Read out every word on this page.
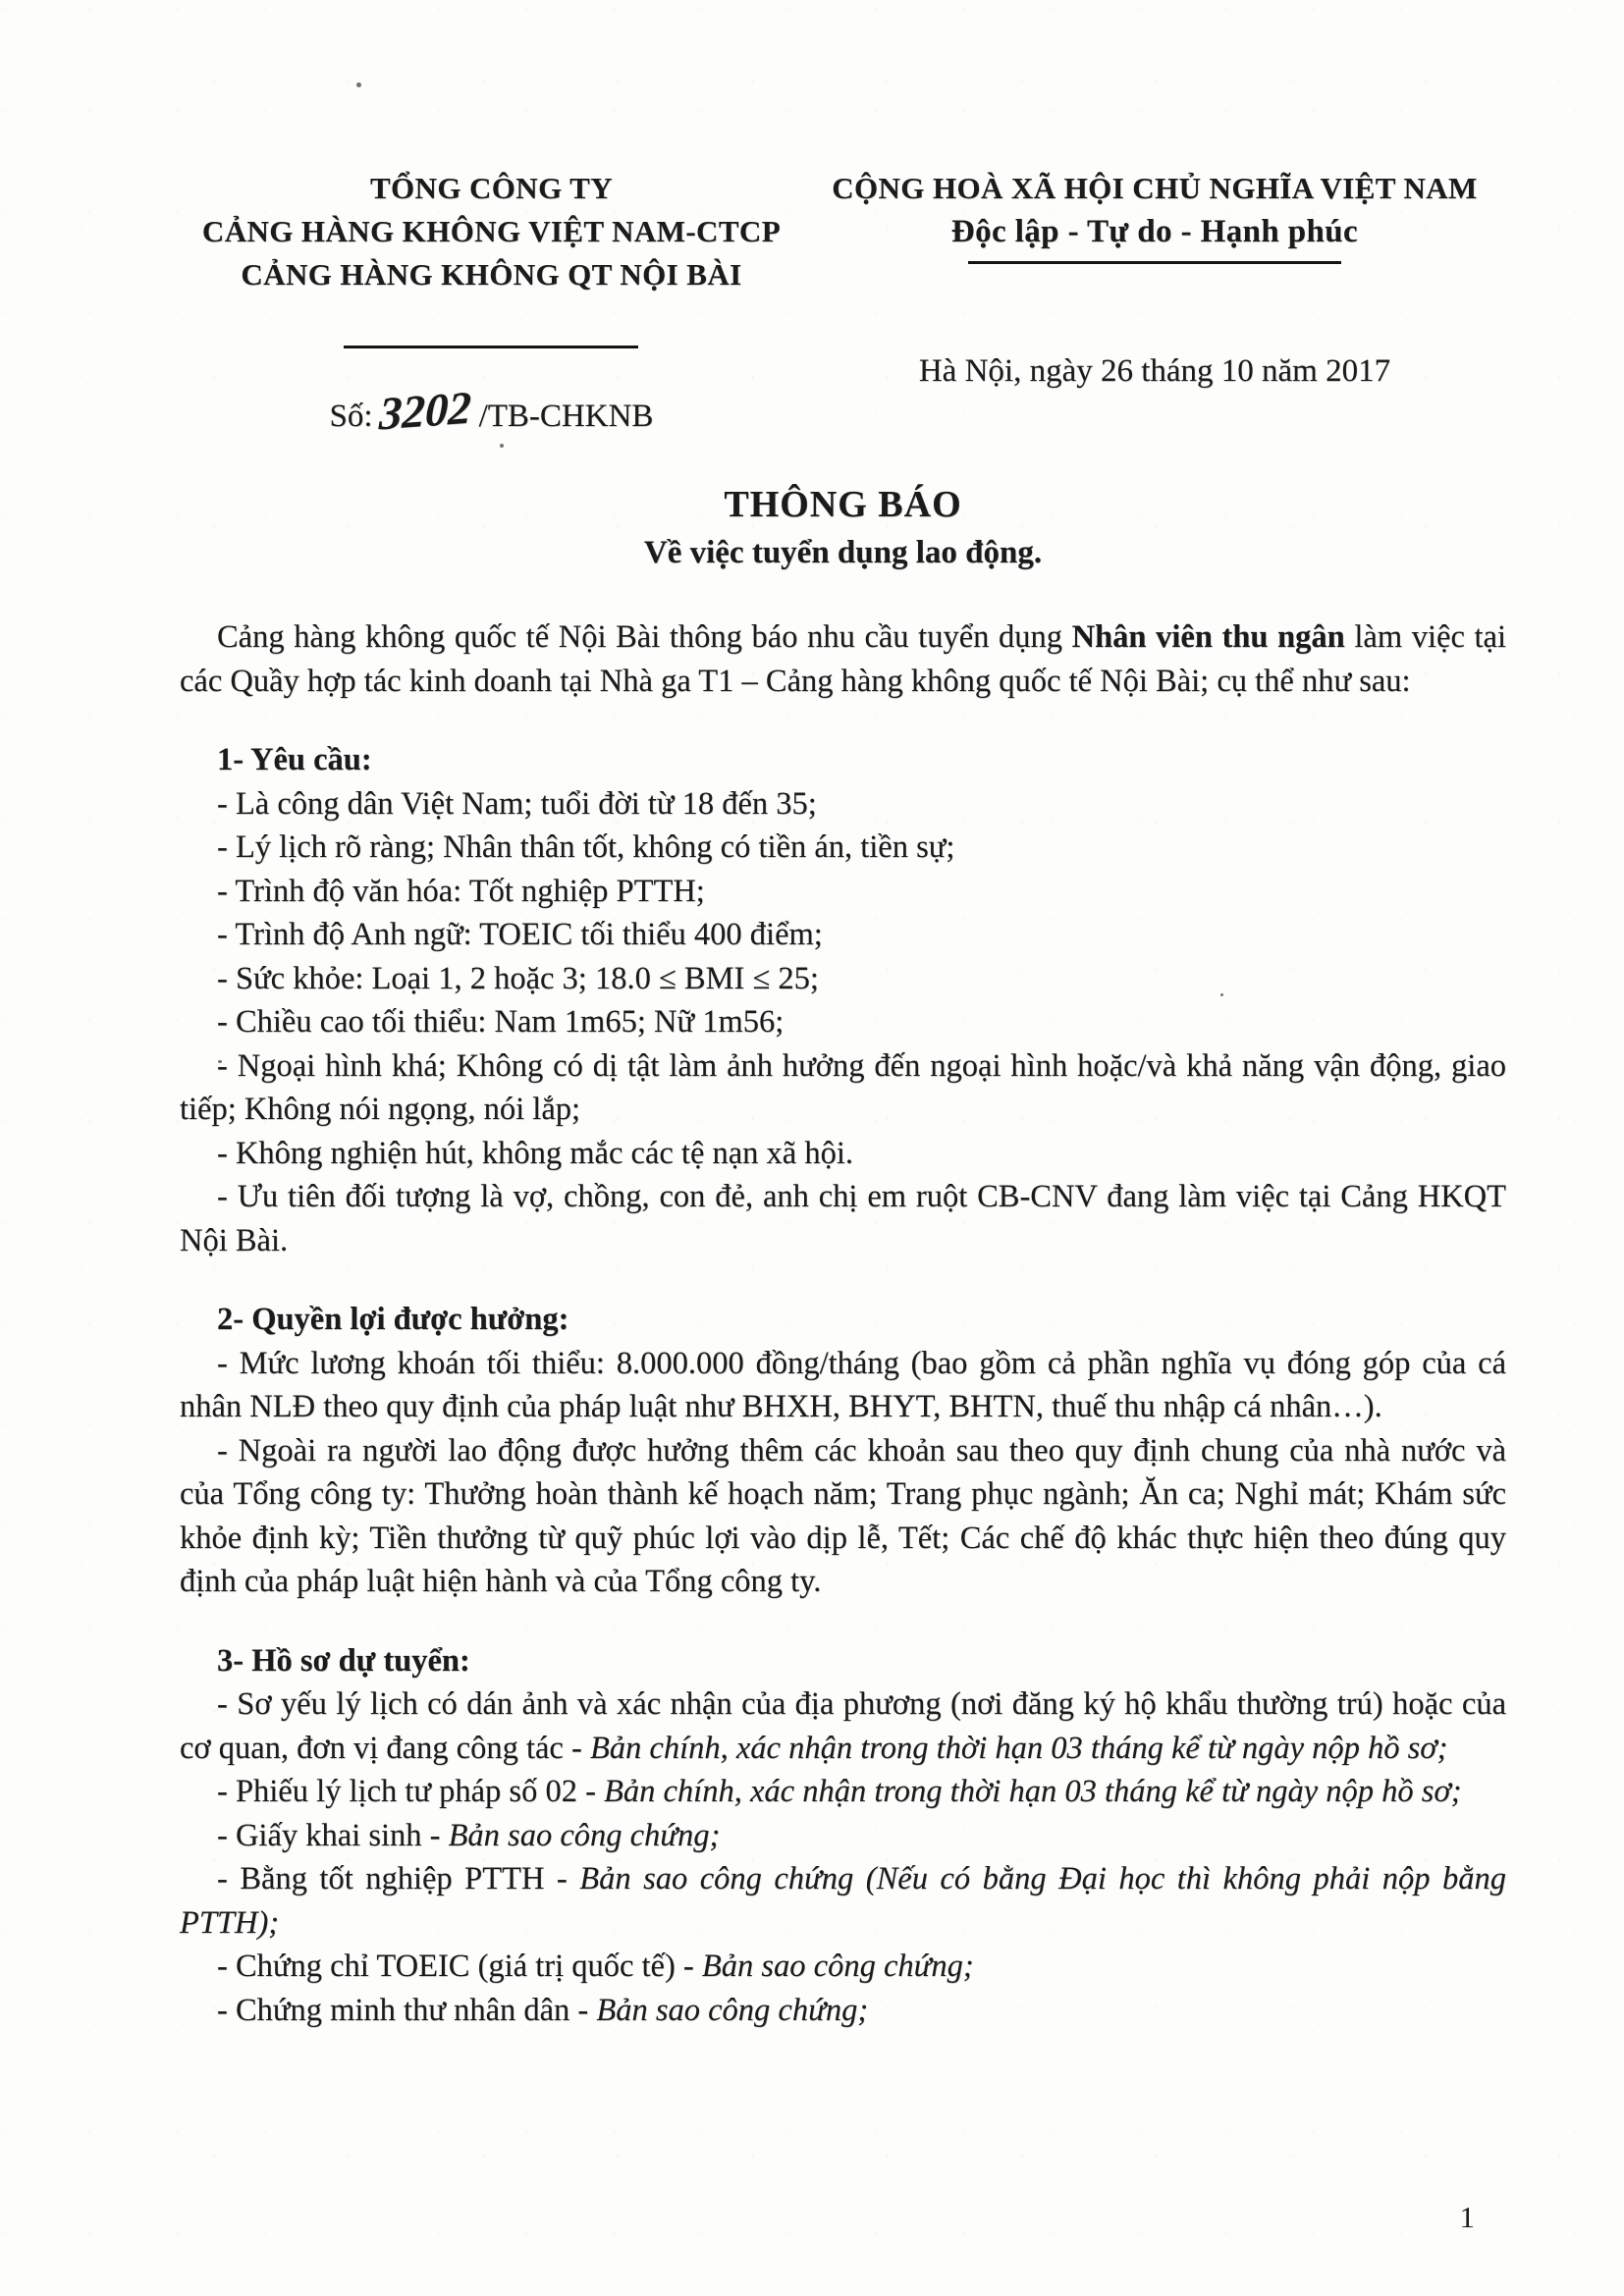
TỔNG CÔNG TY
CẢNG HÀNG KHÔNG VIỆT NAM-CTCP
CẢNG HÀNG KHÔNG QT NỘI BÀI
Số: 3202 /TB-CHKNB
CỘNG HOÀ XÃ HỘI CHỦ NGHĨA VIỆT NAM
Độc lập - Tự do - Hạnh phúc
Hà Nội, ngày 26 tháng 10 năm 2017
THÔNG BÁO
Về việc tuyển dụng lao động.

Cảng hàng không quốc tế Nội Bài thông báo nhu cầu tuyển dụng Nhân viên thu ngân làm việc tại các Quầy hợp tác kinh doanh tại Nhà ga T1 – Cảng hàng không quốc tế Nội Bài; cụ thể như sau:

1- Yêu cầu:

- Là công dân Việt Nam; tuổi đời từ 18 đến 35;

- Lý lịch rõ ràng; Nhân thân tốt, không có tiền án, tiền sự;

- Trình độ văn hóa: Tốt nghiệp PTTH;

- Trình độ Anh ngữ: TOEIC tối thiểu 400 điểm;

- Sức khỏe: Loại 1, 2 hoặc 3; 18.0 ≤ BMI ≤ 25;

- Chiều cao tối thiểu: Nam 1m65; Nữ 1m56;

- Ngoại hình khá; Không có dị tật làm ảnh hưởng đến ngoại hình hoặc/và khả năng vận động, giao tiếp; Không nói ngọng, nói lắp;

- Không nghiện hút, không mắc các tệ nạn xã hội.

- Ưu tiên đối tượng là vợ, chồng, con đẻ, anh chị em ruột CB-CNV đang làm việc tại Cảng HKQT Nội Bài.

2- Quyền lợi được hưởng:

- Mức lương khoán tối thiểu: 8.000.000 đồng/tháng (bao gồm cả phần nghĩa vụ đóng góp của cá nhân NLĐ theo quy định của pháp luật như BHXH, BHYT, BHTN, thuế thu nhập cá nhân…).

- Ngoài ra người lao động được hưởng thêm các khoản sau theo quy định chung của nhà nước và của Tổng công ty: Thưởng hoàn thành kế hoạch năm; Trang phục ngành; Ăn ca; Nghỉ mát; Khám sức khỏe định kỳ; Tiền thưởng từ quỹ phúc lợi vào dịp lễ, Tết; Các chế độ khác thực hiện theo đúng quy định của pháp luật hiện hành và của Tổng công ty.

3- Hồ sơ dự tuyển:

- Sơ yếu lý lịch có dán ảnh và xác nhận của địa phương (nơi đăng ký hộ khẩu thường trú) hoặc của cơ quan, đơn vị đang công tác - Bản chính, xác nhận trong thời hạn 03 tháng kể từ ngày nộp hồ sơ;

- Phiếu lý lịch tư pháp số 02 - Bản chính, xác nhận trong thời hạn 03 tháng kể từ ngày nộp hồ sơ;

- Giấy khai sinh - Bản sao công chứng;

- Bằng tốt nghiệp PTTH - Bản sao công chứng (Nếu có bằng Đại học thì không phải nộp bằng PTTH);

- Chứng chỉ TOEIC (giá trị quốc tế) - Bản sao công chứng;

- Chứng minh thư nhân dân - Bản sao công chứng;

1
